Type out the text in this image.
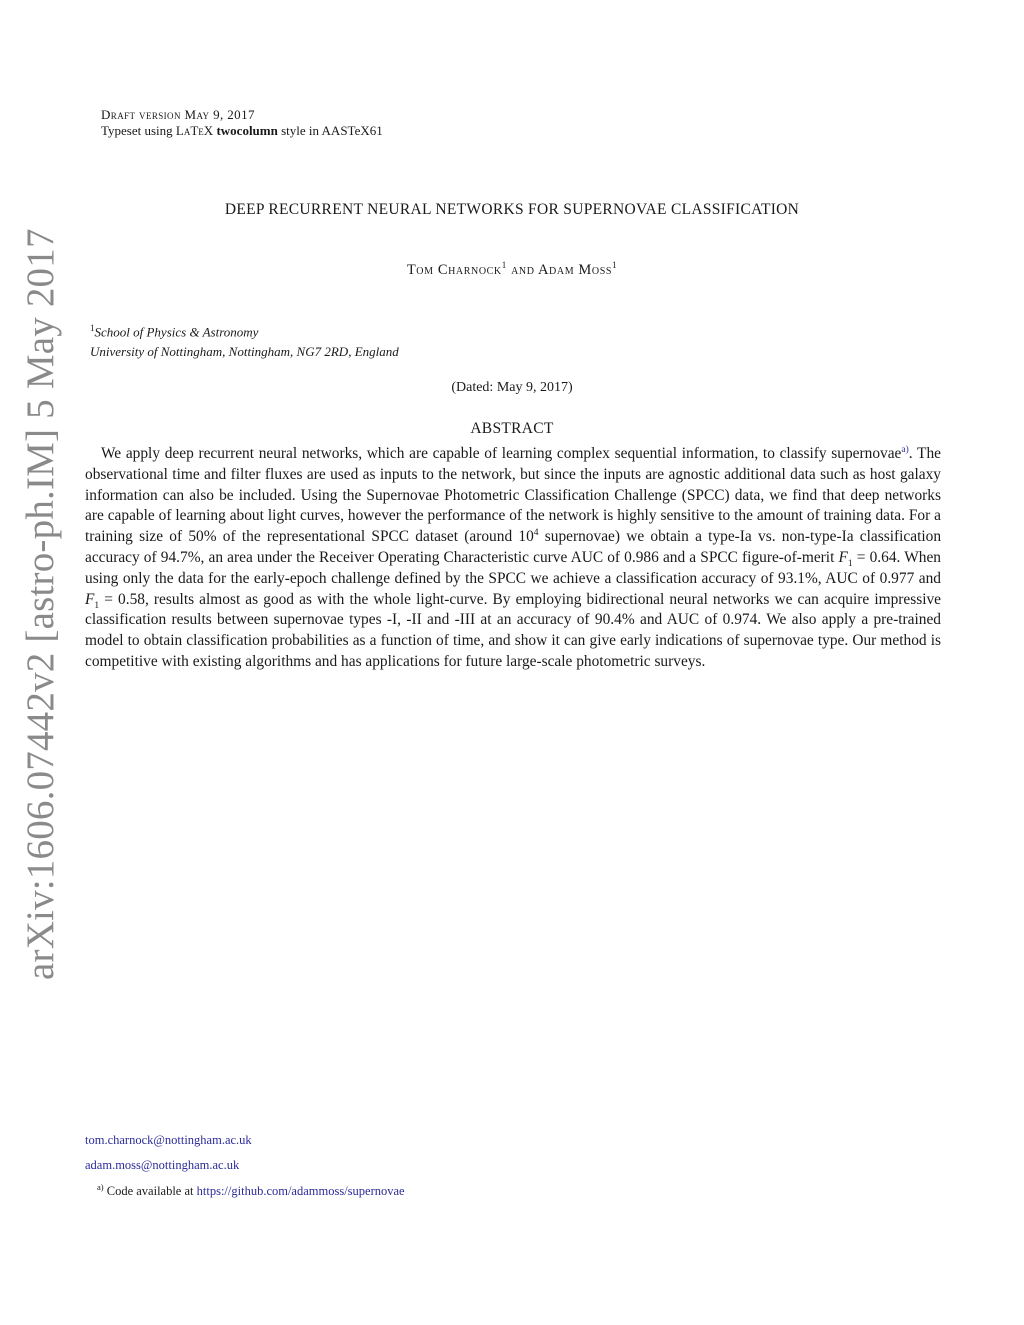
arXiv:1606.07442v2 [astro-ph.IM] 5 May 2017
Draft version May 9, 2017
Typeset using LaTeX twocolumn style in AASTeX61
DEEP RECURRENT NEURAL NETWORKS FOR SUPERNOVAE CLASSIFICATION
Tom Charnock$^1$ and Adam Moss$^1$
$^1$School of Physics & Astronomy
University of Nottingham, Nottingham, NG7 2RD, England
(Dated: May 9, 2017)
ABSTRACT
We apply deep recurrent neural networks, which are capable of learning complex sequential information, to classify supernovae$^{a)}$. The observational time and filter fluxes are used as inputs to the network, but since the inputs are agnostic additional data such as host galaxy information can also be included. Using the Supernovae Photometric Classification Challenge (SPCC) data, we find that deep networks are capable of learning about light curves, however the performance of the network is highly sensitive to the amount of training data. For a training size of 50% of the representational SPCC dataset (around $10^4$ supernovae) we obtain a type-Ia vs. non-type-Ia classification accuracy of 94.7%, an area under the Receiver Operating Characteristic curve AUC of 0.986 and a SPCC figure-of-merit $F_1 = 0.64$. When using only the data for the early-epoch challenge defined by the SPCC we achieve a classification accuracy of 93.1%, AUC of 0.977 and $F_1 = 0.58$, results almost as good as with the whole light-curve. By employing bidirectional neural networks we can acquire impressive classification results between supernovae types -I, -II and -III at an accuracy of 90.4% and AUC of 0.974. We also apply a pre-trained model to obtain classification probabilities as a function of time, and show it can give early indications of supernovae type. Our method is competitive with existing algorithms and has applications for future large-scale photometric surveys.
tom.charnock@nottingham.ac.uk
adam.moss@nottingham.ac.uk
$^{a)}$ Code available at https://github.com/adammoss/supernovae
